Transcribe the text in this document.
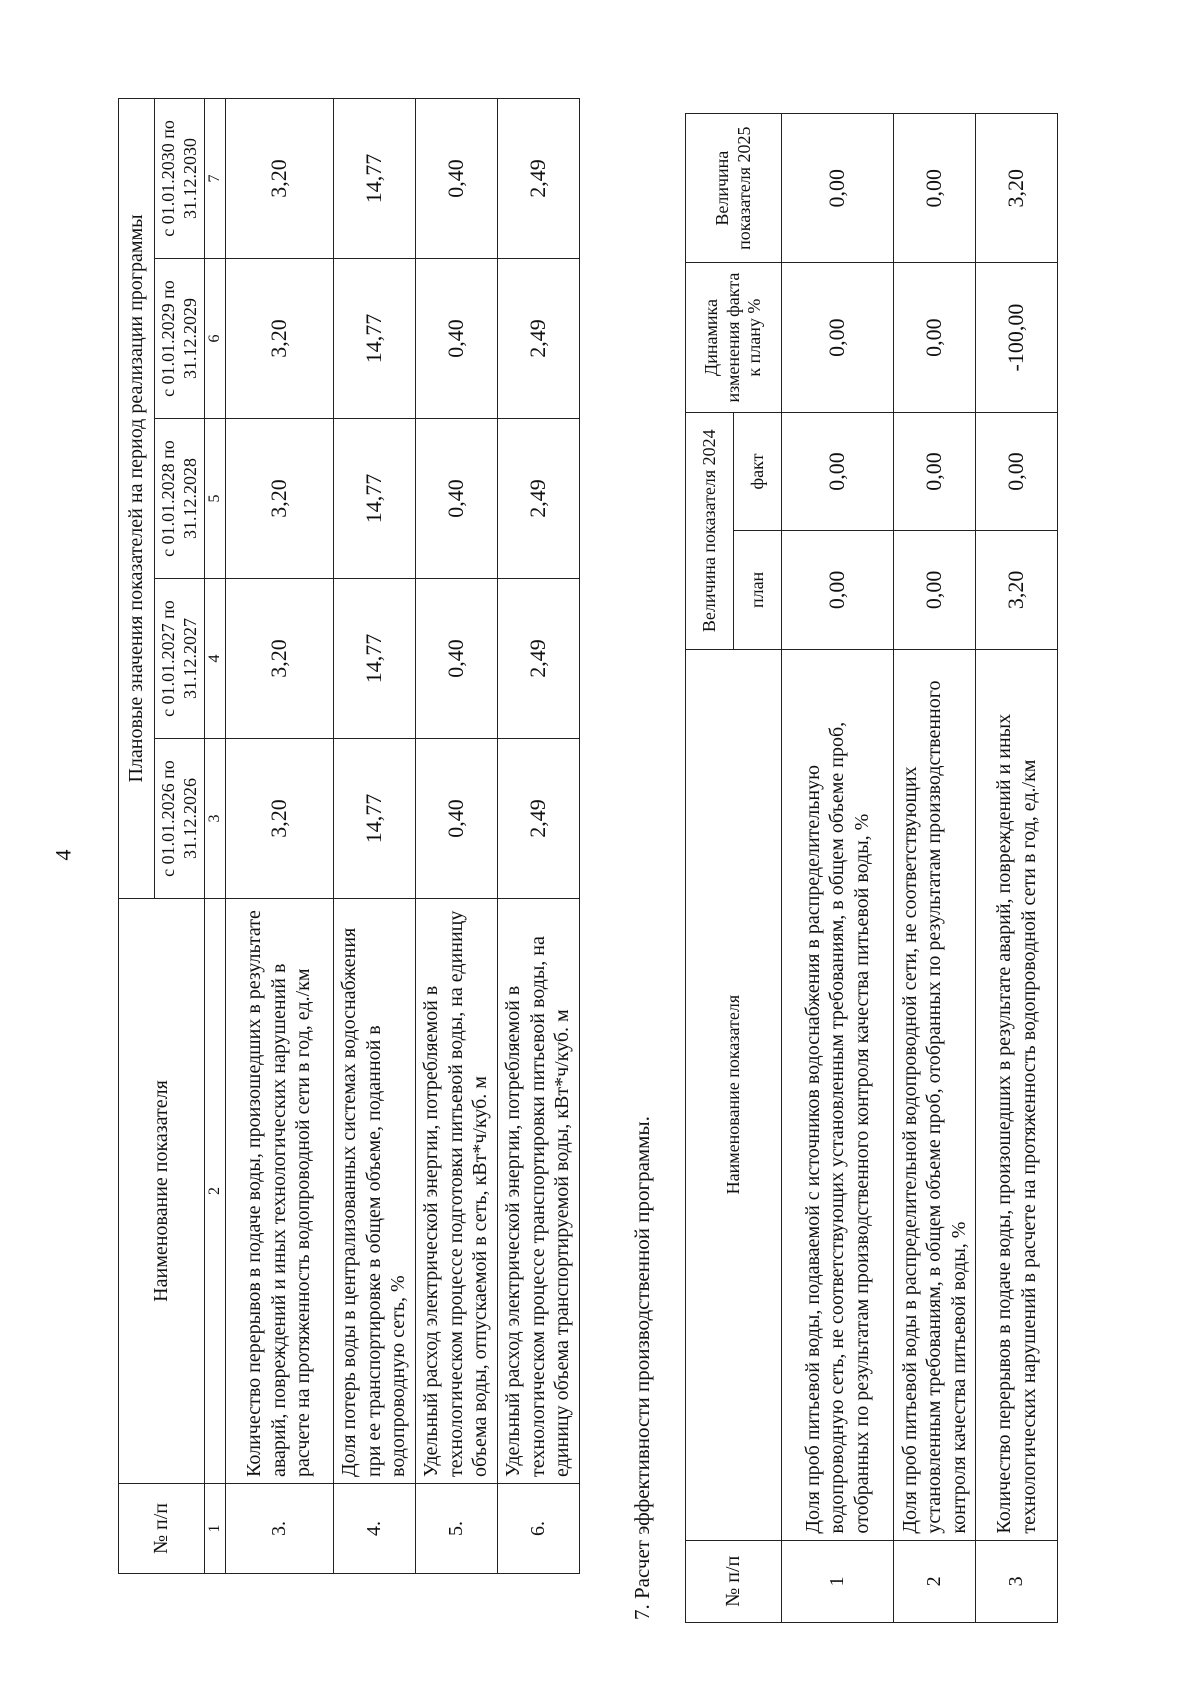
4
№ п/п	Наименование показателя	Плановые значения показателей на период реализации программы				
		с 01.01.2026 по 31.12.2026	с 01.01.2027 по 31.12.2027	с 01.01.2028 по 31.12.2028	с 01.01.2029 по 31.12.2029	с 01.01.2030 по 31.12.2030
1	2	3	4	5	6	7
3.	Количество перерывов в подаче воды, произошедших в результате аварий, повреждений и иных технологических нарушений в расчете на протяженность водопроводной сети в год, ед./км	3,20	3,20	3,20	3,20	3,20
4.	Доля потерь воды в централизованных системах водоснабжения при ее транспортировке в общем объеме, поданной в водопроводную сеть, %	14,77	14,77	14,77	14,77	14,77
5.	Удельный расход электрической энергии, потребляемой в технологическом процессе подготовки питьевой воды, на единицу объема воды, отпускаемой в сеть, кВт*ч/куб. м	0,40	0,40	0,40	0,40	0,40
6.	Удельный расход электрической энергии, потребляемой в технологическом процессе транспортировки питьевой воды, на единицу объема транспортируемой воды, кВт*ч/куб. м	2,49	2,49	2,49	2,49	2,49
7. Расчет эффективности производственной программы.	№ п/п	Наименование показателя	Величина показателя 2024		Динамика изменения факта к плану %	Величина показателя 2025
		план	факт		
1	Доля проб питьевой воды, подаваемой с источников водоснабжения в распределительную водопроводную сеть, не соответствующих установленным требованиям, в общем объеме проб, отобранных по результатам производственного контроля качества питьевой воды, %	0,00	0,00	0,00	0,00
2	Доля проб питьевой воды в распределительной водопроводной сети, не соответствующих установленным требованиям, в общем объеме проб, отобранных по результатам производственного контроля качества питьевой воды, %	0,00	0,00	0,00	0,00
3	Количество перерывов в подаче воды, произошедших в результате аварий, повреждений и иных технологических нарушений в расчете на протяженность водопроводной сети в год, ед./км	3,20	0,00	-100,00	3,20
